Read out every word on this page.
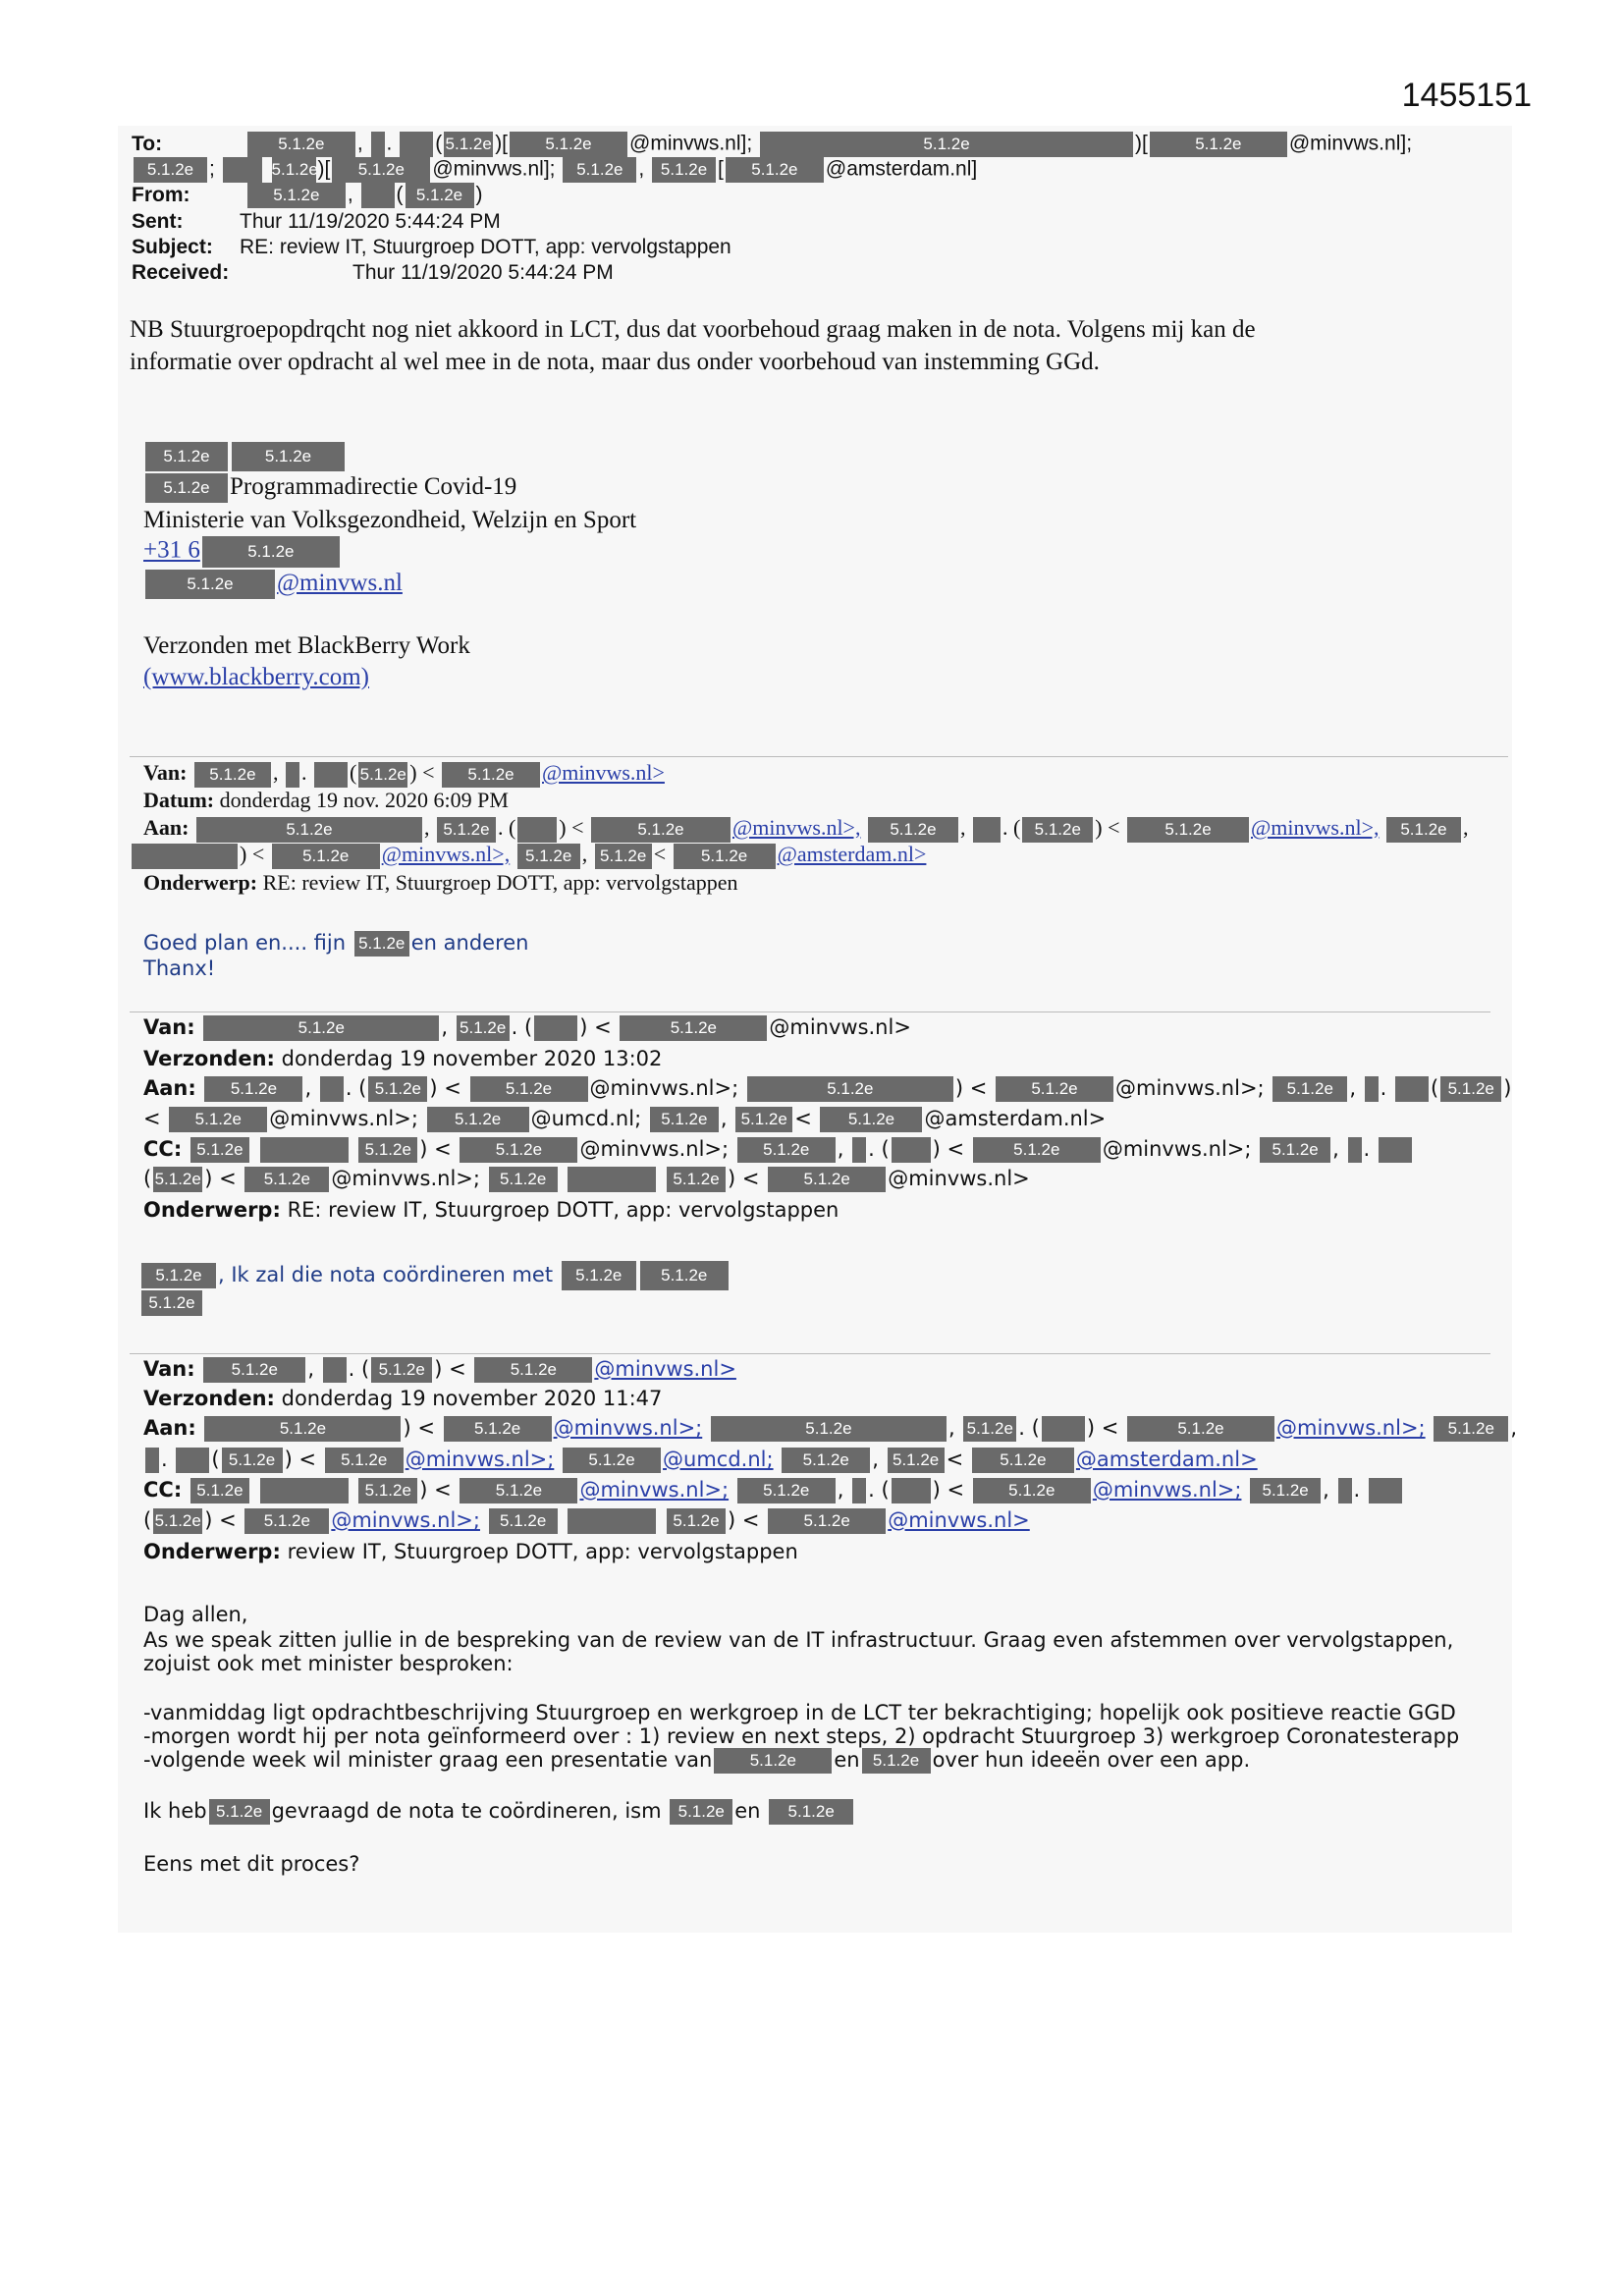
1455151
To:	5.1.2e , . ( 5.1.2e )[ 5.1.2e @minvws.nl];	5.1.2e	)[	5.1.2e @minvws.nl];
5.1.2e ;	5.1.2e)[ 5.1.2e @minvws.nl]; 5.1.2e , 5.1.2e [ 5.1.2e @amsterdam.nl]
From:	5.1.2e , ( 5.1.2e )
Sent:	Thur 11/19/2020 5:44:24 PM
Subject: RE: review IT, Stuurgroep DOTT, app: vervolgstappen
Received:	Thur 11/19/2020 5:44:24 PM
NB Stuurgroepopdrqcht nog niet akkoord in LCT, dus dat voorbehoud graag maken in de nota. Volgens mij kan de
informatie over opdracht al wel mee in de nota, maar dus onder voorbehoud van instemming GGd.
5.1.2e	5.1.2e
5.1.2e Programmadirectie Covid-19
Ministerie van Volksgezondheid, Welzijn en Sport
+31 6	5.1.2e
5.1.2e @minvws.nl
Verzonden met BlackBerry Work
(www.blackberry.com)
Van: 5.1.2e , . ( 5.1.2e ) < 5.1.2e @minvws.nl>
Datum: donderdag 19 nov. 2020 6:09 PM
Aan:	5.1.2e	, 5.1.2e . ( ) <	5.1.2e @minvws.nl>, 5.1.2e , . ( 5.1.2e ) < 5.1.2e @minvws.nl>, 5.1.2e ,
) < 5.1.2e @minvws.nl>, 5.1.2e , 5.1.2e < 5.1.2e @amsterdam.nl>
Onderwerp: RE: review IT, Stuurgroep DOTT, app: vervolgstappen
Goed plan en.... fijn 5.1.2e en anderen
Thanx!
Van:	5.1.2e	, 5.1.2e . ( ) <	5.1.2e	@minvws.nl>
Verzonden: donderdag 19 november 2020 13:02
Aan: 5.1.2e , . ( 5.1.2e ) < 5.1.2e @minvws.nl>;	5.1.2e	) < 5.1.2e @minvws.nl>; 5.1.2e , . ( 5.1.2e )
< 5.1.2e @minvws.nl>; 5.1.2e @umcd.nl; 5.1.2e , 5.1.2e < 5.1.2e @amsterdam.nl>
CC: 5.1.2e	5.1.2e ) < 5.1.2e @minvws.nl>; 5.1.2e , . ( ) <	5.1.2e @minvws.nl>; 5.1.2e , .
( 5.1.2e ) < 5.1.2e @minvws.nl>; 5.1.2e	5.1.2e ) < 5.1.2e @minvws.nl>
Onderwerp: RE: review IT, Stuurgroep DOTT, app: vervolgstappen
5.1.2e , Ik zal die nota coördineren met 5.1.2e 5.1.2e
5.1.2e
Van: 5.1.2e , . ( 5.1.2e ) < 5.1.2e @minvws.nl>
Verzonden: donderdag 19 november 2020 11:47
Aan:	5.1.2e	) < 5.1.2e @minvws.nl>;	5.1.2e	, 5.1.2e . ( ) <	5.1.2e	@minvws.nl>; 5.1.2e ,
. ( 5.1.2e ) < 5.1.2e @minvws.nl>; 5.1.2e @umcd.nl; 5.1.2e , 5.1.2e < 5.1.2e @amsterdam.nl>
CC: 5.1.2e	5.1.2e ) < 5.1.2e @minvws.nl>; 5.1.2e , . ( ) < 5.1.2e @minvws.nl>; 5.1.2e , .
( 5.1.2e ) < 5.1.2e @minvws.nl>; 5.1.2e	5.1.2e ) < 5.1.2e @minvws.nl>
Onderwerp: review IT, Stuurgroep DOTT, app: vervolgstappen
Dag allen,
As we speak zitten jullie in de bespreking van de review van de IT infrastructuur. Graag even afstemmen over vervolgstappen,
zojuist ook met minister besproken:
-vanmiddag ligt opdrachtbeschrijving Stuurgroep en werkgroep in de LCT ter bekrachtiging; hopelijk ook positieve reactie GGD
-morgen wordt hij per nota geïnformeerd over : 1) review en next steps, 2) opdracht Stuurgroep 3) werkgroep Coronatesterapp
-volgende week wil minister graag een presentatie van 5.1.2e en 5.1.2e over hun ideeën over een app.
Ik heb 5.1.2e gevraagd de nota te coördineren, ism 5.1.2e en 5.1.2e
Eens met dit proces?
